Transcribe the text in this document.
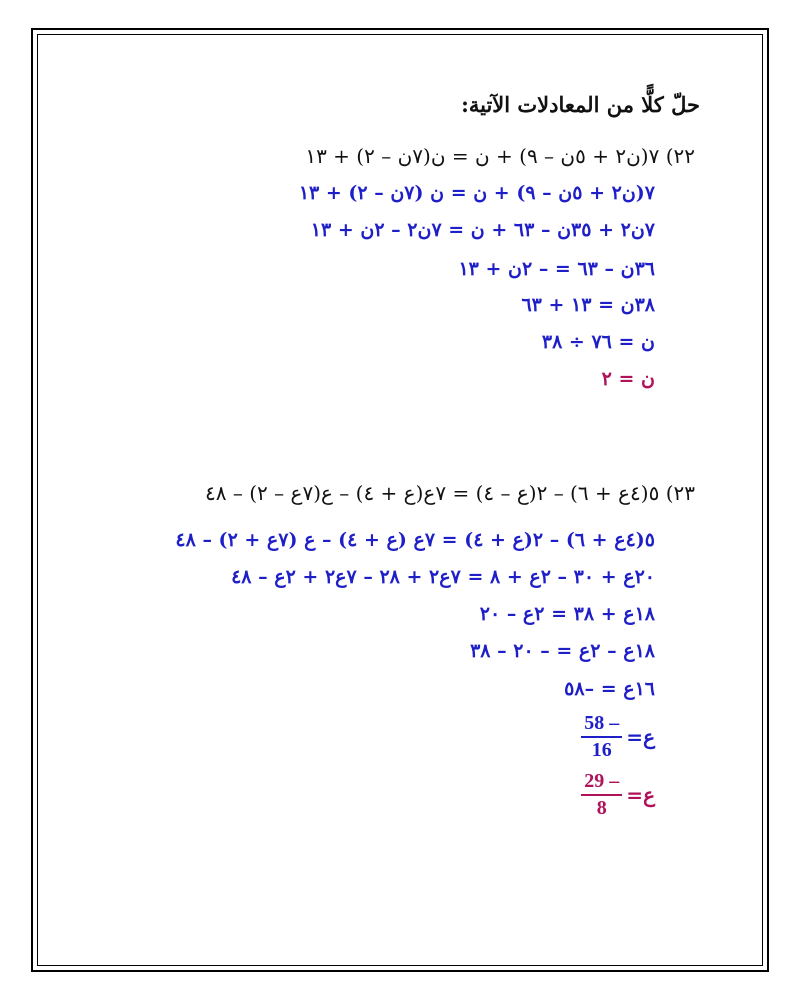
حلّ كلًّا من المعادلات الآتية:
٢٢) ٧(ن٢ + ٥ن – ٩) + ن = ن(٧ن – ٢) + ١٣
٧(ن٢ + ٥ن – ٩) + ن = ن (٧ن – ٢) + ١٣
٧ن٢ + ٣٥ن – ٦٣ + ن = ٧ن٢ – ٢ن + ١٣
٣٦ن – ٦٣ = – ٢ن + ١٣
٣٨ن = ١٣ + ٦٣
ن = ٧٦ ÷ ٣٨
ن = ٢
٢٣) ٥(٤ع + ٦) – ٢(ع – ٤) = ٧ع(ع + ٤) – ع(٧ع – ٢) – ٤٨
٥(٤ع + ٦) – ٢(ع + ٤) = ٧ع (ع + ٤) – ع (٧ع + ٢) – ٤٨
٢٠ع + ٣٠ – ٢ع + ٨ = ٧ع٢ + ٢٨ – ٧ع٢ + ٢ع – ٤٨
١٨ع + ٣٨ = ٢ع – ٢٠
١٨ع – ٢ع = – ٢٠ – ٣٨
١٦ع = –٥٨
ع
=
$\frac{- 58}{16}$
ع
=
$\frac{- 29}{8}$
